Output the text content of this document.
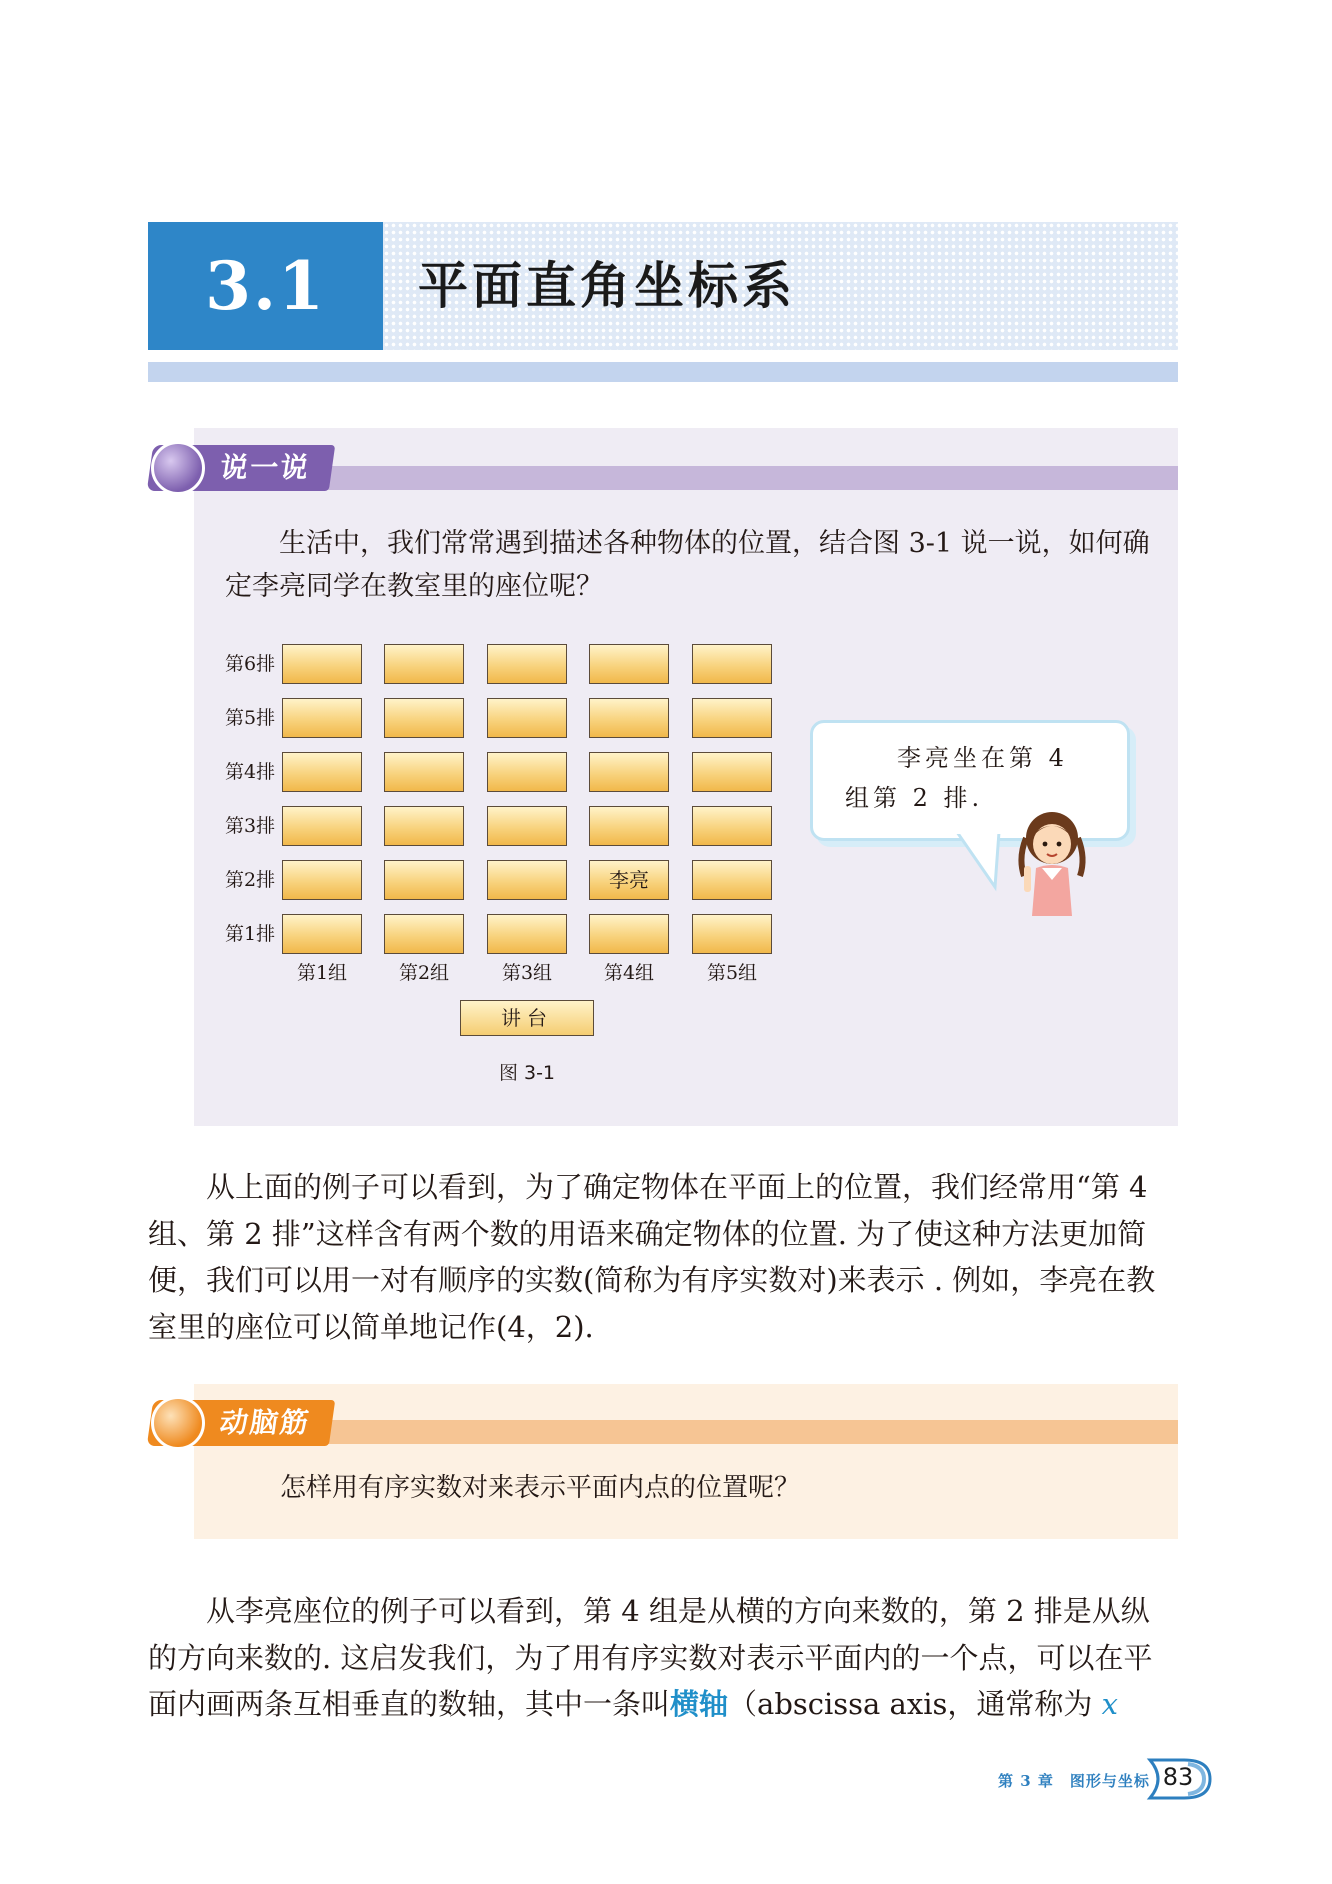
3.1	平面直角坐标系
说一说
生活中，我们常常遇到描述各种物体的位置，结合图 3-1 说一说，如何确定李亮同学在教室里的座位呢？
第6排
第5排
第4排
第3排
第2排	李亮
第1排
第1组	第2组	第3组	第4组	第5组
讲台
图 3-1
李亮坐在第 4 组第 2 排.
从上面的例子可以看到，为了确定物体在平面上的位置，我们经常用“第 4 组、第 2 排”这样含有两个数的用语来确定物体的位置. 为了使这种方法更加简便，我们可以用一对有顺序的实数(简称为有序实数对)来表示 . 例如，李亮在教室里的座位可以简单地记作(4，2).
动脑筋
怎样用有序实数对来表示平面内点的位置呢？
从李亮座位的例子可以看到，第 4 组是从横的方向来数的，第 2 排是从纵的方向来数的. 这启发我们，为了用有序实数对表示平面内的一个点，可以在平面内画两条互相垂直的数轴，其中一条叫横轴（abscissa axis，通常称为 x
第 3 章　图形与坐标 83
